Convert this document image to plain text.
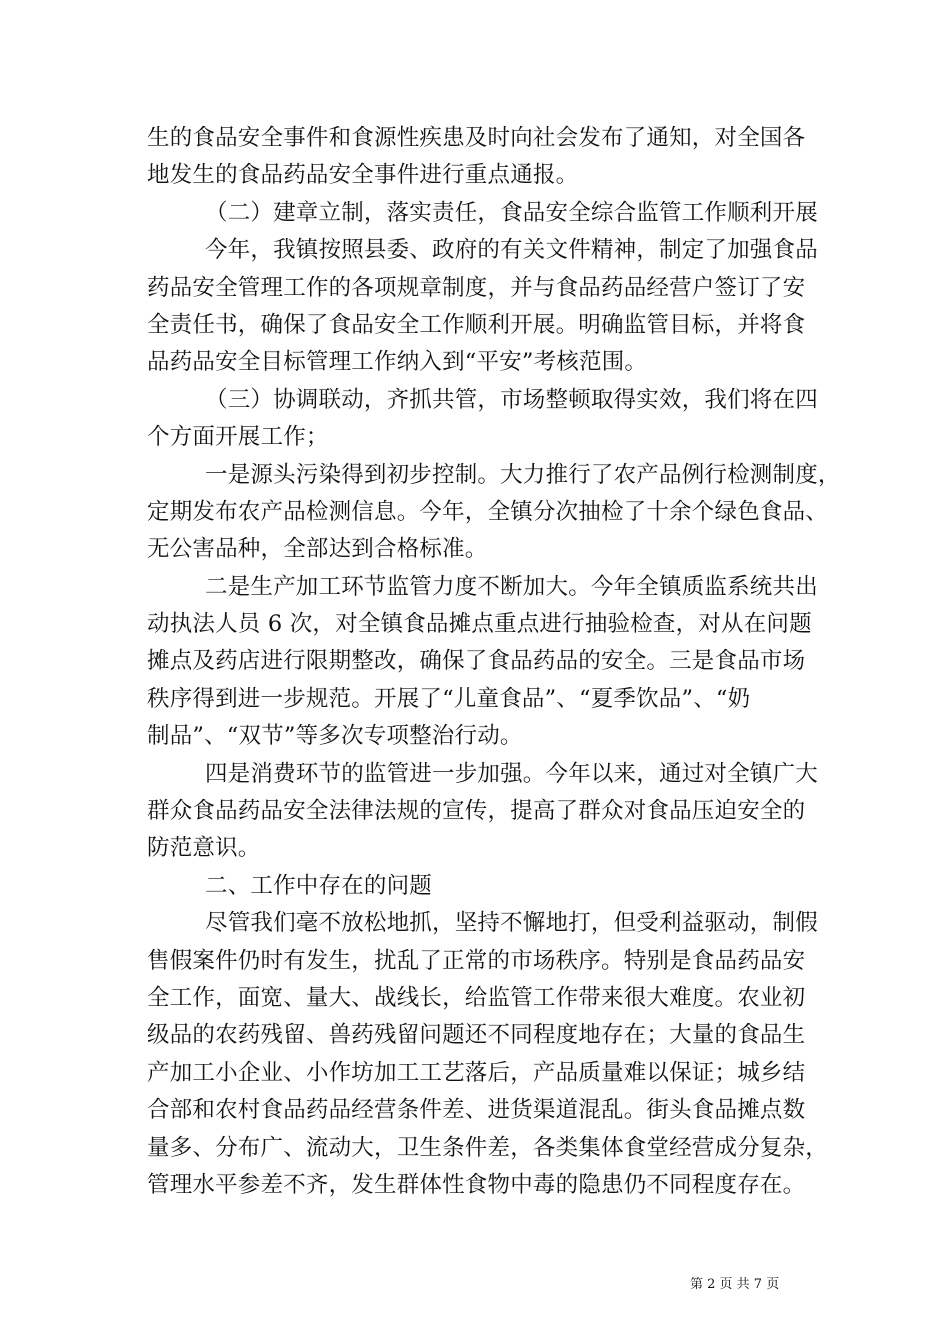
生的食品安全事件和食源性疾患及时向社会发布了通知，对全国各
地发生的食品药品安全事件进行重点通报。
（二）建章立制，落实责任，食品安全综合监管工作顺利开展
今年，我镇按照县委、政府的有关文件精神，制定了加强食品
药品安全管理工作的各项规章制度，并与食品药品经营户签订了安
全责任书，确保了食品安全工作顺利开展。明确监管目标，并将食
品药品安全目标管理工作纳入到“平安”考核范围。
（三）协调联动，齐抓共管，市场整顿取得实效，我们将在四
个方面开展工作；
一是源头污染得到初步控制。大力推行了农产品例行检测制度，
定期发布农产品检测信息。今年，全镇分次抽检了十余个绿色食品、
无公害品种，全部达到合格标准。
二是生产加工环节监管力度不断加大。今年全镇质监系统共出
动执法人员 6 次，对全镇食品摊点重点进行抽验检查，对从在问题
摊点及药店进行限期整改，确保了食品药品的安全。三是食品市场
秩序得到进一步规范。开展了“儿童食品”、“夏季饮品”、“奶
制品”、“双节”等多次专项整治行动。
四是消费环节的监管进一步加强。今年以来，通过对全镇广大
群众食品药品安全法律法规的宣传，提高了群众对食品压迫安全的
防范意识。
二、工作中存在的问题
尽管我们毫不放松地抓，坚持不懈地打，但受利益驱动，制假
售假案件仍时有发生，扰乱了正常的市场秩序。特别是食品药品安
全工作，面宽、量大、战线长，给监管工作带来很大难度。农业初
级品的农药残留、兽药残留问题还不同程度地存在；大量的食品生
产加工小企业、小作坊加工工艺落后，产品质量难以保证；城乡结
合部和农村食品药品经营条件差、进货渠道混乱。街头食品摊点数
量多、分布广、流动大，卫生条件差，各类集体食堂经营成分复杂，
管理水平参差不齐，发生群体性食物中毒的隐患仍不同程度存在。
第 2 页 共 7 页
